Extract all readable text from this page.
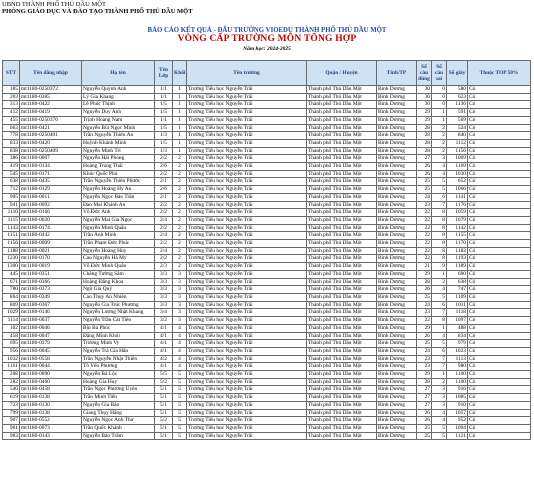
UBND THÀNH PHỐ THỦ DẦU MỘT
PHÒNG GIÁO DỤC VÀ ĐÀO TẠO THÀNH PHỐ THỦ DẦU MỘT
BÁO CÁO KẾT QUẢ - ĐẤU TRƯỜNG VIOEDU THÀNH PHỐ THỦ DẦU MỘT
VÒNG CẤP TRƯỜNG MÔN TỔNG HỢP
Năm học: 2024-2025
STT	Tên đăng nhập	Họ tên	Tên Lớp	Khối	Tên trường	Quận / Huyện	Tỉnh/TP	Số câu đúng	Số câu sai	Số giây	Thuộc TOP 50%
185	mt1180-0250372	Nguyễn Quỳnh Anh	1/1	1	Trường Tiểu học Nguyễn Trãi	Thành phố Thủ Dầu Một	Bình Dương	30	0	580	Có
203	mt1180-0385	Lý Gia Khang	1/1	1	Trường Tiểu học Nguyễn Trãi	Thành phố Thủ Dầu Một	Bình Dương	30	0	623	Có
313	mt1180-0422	Lê Phúc Thịnh	1/5	1	Trường Tiểu học Nguyễn Trãi	Thành phố Thủ Dầu Một	Bình Dương	30	0	1136	Có
412	mt1180-0419	Nguyễn Duy Anh	1/5	1	Trường Tiểu học Nguyễn Trãi	Thành phố Thủ Dầu Một	Bình Dương	29	1	591	Có
455	mt1180-0250376	Trịnh Hoàng Nam	1/1	1	Trường Tiểu học Nguyễn Trãi	Thành phố Thủ Dầu Một	Bình Dương	29	1	569	Có
663	mt1180-0421	Nguyễn Bùi Ngọc Minh	1/5	1	Trường Tiểu học Nguyễn Trãi	Thành phố Thủ Dầu Một	Bình Dương	28	2	524	Có
778	mt1180-0250401	Trần Nguyễn Thiên Ân	1/3	1	Trường Tiểu học Nguyễn Trãi	Thành phố Thủ Dầu Một	Bình Dương	28	2	840	Có
833	mt1180-0420	Huỳnh Khánh Minh	1/5	1	Trường Tiểu học Nguyễn Trãi	Thành phố Thủ Dầu Một	Bình Dương	28	2	1112	Có
838	mt1180-0250409	Nguyễn Minh Trí	1/3	1	Trường Tiểu học Nguyễn Trãi	Thành phố Thủ Dầu Một	Bình Dương	28	2	1156	Có
386	mt1180-0007	Nguyễn Hải Phong	2/2	2	Trường Tiểu học Nguyễn Trãi	Thành phố Thủ Dầu Một	Bình Dương	27	3	1009	Có
419	mt1180-0134	Hoàng Trung Thái	2/6	2	Trường Tiểu học Nguyễn Trãi	Thành phố Thủ Dầu Một	Bình Dương	26	4	1169	Có
545	mt1180-0171	Khúc Quốc Phú	2/2	2	Trường Tiểu học Nguyễn Trãi	Thành phố Thủ Dầu Một	Bình Dương	26	4	1030	Có
638	mt1180-0435	Trần Nguyễn Thiên Phước	2/1	2	Trường Tiểu học Nguyễn Trãi	Thành phố Thủ Dầu Một	Bình Dương	25	5	652	Có
712	mt1180-0129	Nguyễn Hoàng Hy An	2/6	2	Trường Tiểu học Nguyễn Trãi	Thành phố Thủ Dầu Một	Bình Dương	25	5	1066	Có
905	mt1180-0011	Nguyễn Ngọc Bảo Trân	2/1	2	Trường Tiểu học Nguyễn Trãi	Thành phố Thủ Dầu Một	Bình Dương	24	6	1141	Có
941	mt1180-0092	Đào Mai Khánh An	2/2	2	Trường Tiểu học Nguyễn Trãi	Thành phố Thủ Dầu Một	Bình Dương	23	7	1176	Có
1110	mt1180-0166	Võ Đức Anh	2/2	2	Trường Tiểu học Nguyễn Trãi	Thành phố Thủ Dầu Một	Bình Dương	22	8	1059	Có
1115	mt1180-0020	Nguyễn Mai Gia Ngọc	2/4	2	Trường Tiểu học Nguyễn Trãi	Thành phố Thủ Dầu Một	Bình Dương	22	8	1079	Có
1143	mt1180-0174	Nguyễn Minh Quân	2/2	2	Trường Tiểu học Nguyễn Trãi	Thành phố Thủ Dầu Một	Bình Dương	22	8	1142	Có
1151	mt1180-0442	Trần Anh Minh	2/4	2	Trường Tiểu học Nguyễn Trãi	Thành phố Thủ Dầu Một	Bình Dương	22	8	1155	Có
1156	mt1180-0009	Trần Phạm Đức Phúc	2/2	2	Trường Tiểu học Nguyễn Trãi	Thành phố Thủ Dầu Một	Bình Dương	22	8	1170	Có
1188	mt1180-0021	Nguyễn Hoàng Huy	2/4	2	Trường Tiểu học Nguyễn Trãi	Thành phố Thủ Dầu Một	Bình Dương	22	8	1182	Có
1230	mt1180-0170	Cao Nguyễn Hà My	2/2	2	Trường Tiểu học Nguyễn Trãi	Thành phố Thủ Dầu Một	Bình Dương	22	8	1193	Có
1300	mt1180-0019	Võ Đức Minh Quân	2/3	2	Trường Tiểu học Nguyễn Trãi	Thành phố Thủ Dầu Một	Bình Dương	21	9	1189	Có
445	mt1180-0351	Chăng Tường Sâm	3/3	3	Trường Tiểu học Nguyễn Trãi	Thành phố Thủ Dầu Một	Bình Dương	29	1	690	Có
671	mt1180-0366	Hoàng Đăng Khoa	3/3	3	Trường Tiểu học Nguyễn Trãi	Thành phố Thủ Dầu Một	Bình Dương	28	2	638	Có
780	mt1180-0373	Ngô Gia Quý	3/3	3	Trường Tiểu học Nguyễn Trãi	Thành phố Thủ Dầu Một	Bình Dương	26	4	747	Có
864	mt1180-0349	Cao Thụy An Nhiên	3/3	3	Trường Tiểu học Nguyễn Trãi	Thành phố Thủ Dầu Một	Bình Dương	25	5	1109	Có
869	mt1180-0367	Nguyễn Gia Trúc Phương	3/3	3	Trường Tiểu học Nguyễn Trãi	Thành phố Thủ Dầu Một	Bình Dương	24	6	1011	Có
1029	mt1180-0146	Nguyễn Lương Nhật Khang	3/4	3	Trường Tiểu học Nguyễn Trãi	Thành phố Thủ Dầu Một	Bình Dương	23	7	1118	Có
1114	mt1180-0037	Nguyễn Trần Cát Tiên	3/2	3	Trường Tiểu học Nguyễn Trãi	Thành phố Thủ Dầu Một	Bình Dương	22	8	1097	Có
102	mt1180-0046	Bùi Bá Phúc	4/1	4	Trường Tiểu học Nguyễn Trãi	Thành phố Thủ Dầu Một	Bình Dương	29	1	488	Có
458	mt1180-0047	Đặng Minh Khôi	4/1	4	Trường Tiểu học Nguyễn Trãi	Thành phố Thủ Dầu Một	Bình Dương	26	4	834	Có
695	mt1180-0379	Trương Minh Vy	4/1	4	Trường Tiểu học Nguyễn Trãi	Thành phố Thủ Dầu Một	Bình Dương	25	5	979	Có
956	mt1180-0045	Nguyễn Trà Gia Hân	4/1	4	Trường Tiểu học Nguyễn Trãi	Thành phố Thủ Dầu Một	Bình Dương	24	6	1023	Có
1032	mt1180-0558	Trần Nguyễn Nhật Thiên	4/2	4	Trường Tiểu học Nguyễn Trãi	Thành phố Thủ Dầu Một	Bình Dương	23	7	1113	Có
1161	mt1180-0044	Tô Yến Phương	4/1	4	Trường Tiểu học Nguyễn Trãi	Thành phố Thủ Dầu Một	Bình Dương	23	7	980	Có
208	mt1180-0090	Nguyễn Bá Lộc	5/5	5	Trường Tiểu học Nguyễn Trãi	Thành phố Thủ Dầu Một	Bình Dương	29	1	1100	Có
282	mt1180-0460	Hoàng Gia Huy	5/2	5	Trường Tiểu học Nguyễn Trãi	Thành phố Thủ Dầu Một	Bình Dương	28	2	1100	Có
540	mt1180-0458	Trần Ngọc Phương Uyên	5/1	5	Trường Tiểu học Nguyễn Trãi	Thành phố Thủ Dầu Một	Bình Dương	27	3	916	Có
619	mt1180-0138	Trần Minh Tiến	5/1	5	Trường Tiểu học Nguyễn Trãi	Thành phố Thủ Dầu Một	Bình Dương	27	3	1085	Có
723	mt1180-0130	Nguyễn Gia Bảo	5/1	5	Trường Tiểu học Nguyễn Trãi	Thành phố Thủ Dầu Một	Bình Dương	27	3	910	Có
799	mt1180-0138	Giang Thụy Hằng	5/1	5	Trường Tiểu học Nguyễn Trãi	Thành phố Thủ Dầu Một	Bình Dương	26	4	1057	Có
907	mt1180-0552	Nguyễn Ngọc Anh Thư	5/2	5	Trường Tiểu học Nguyễn Trãi	Thành phố Thủ Dầu Một	Bình Dương	26	4	952	Có
961	mt1180-0073	Trần Quốc Khánh	5/1	5	Trường Tiểu học Nguyễn Trãi	Thành phố Thủ Dầu Một	Bình Dương	25	5	1094	Có
983	mt1180-0143	Nguyễn Bảo Trâm	5/1	5	Trường Tiểu học Nguyễn Trãi	Thành phố Thủ Dầu Một	Bình Dương	25	5	1121	Có
